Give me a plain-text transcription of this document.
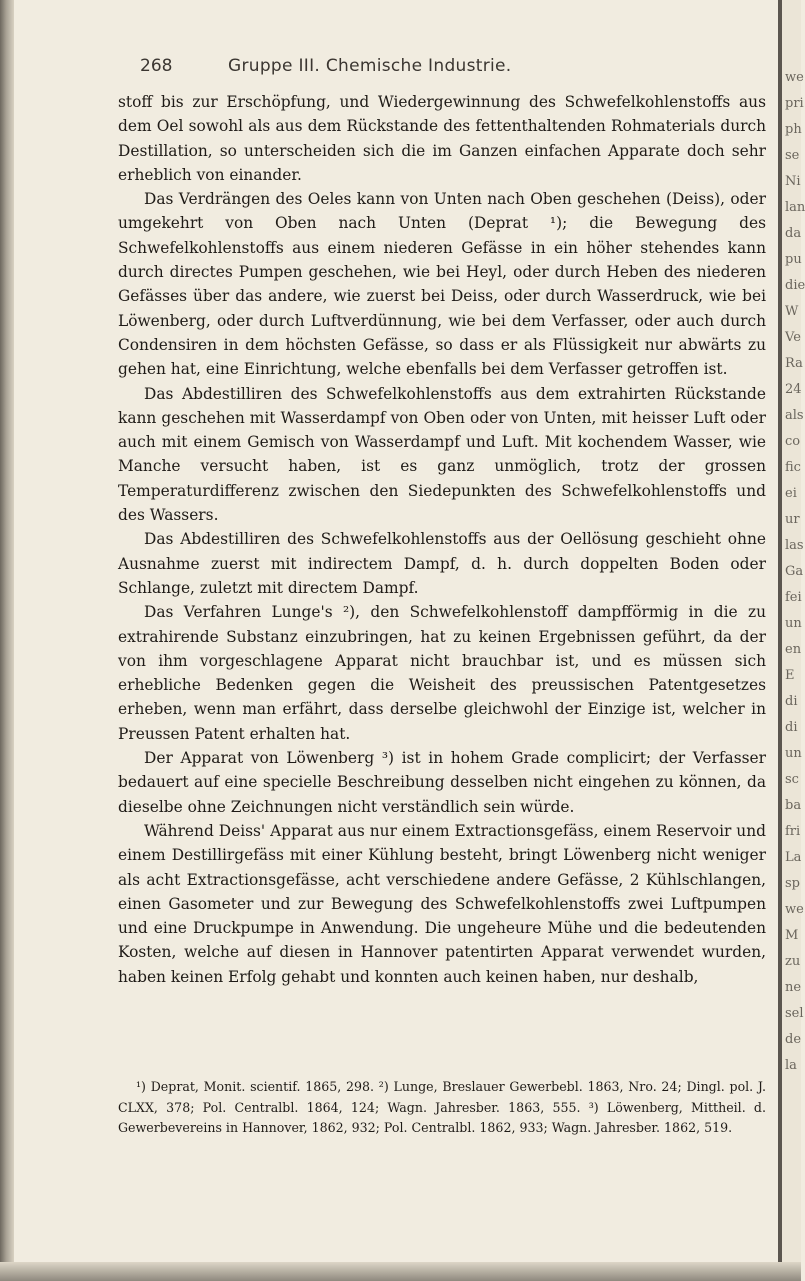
268	Gruppe III. Chemische Industrie.

stoff bis zur Erschöpfung, und Wiedergewinnung des Schwefelkohlenstoffs aus dem Oel sowohl als aus dem Rückstande des fettenthaltenden Rohmaterials durch Destillation, so unterscheiden sich die im Ganzen einfachen Apparate doch sehr erheblich von einander.

Das Verdrängen des Oeles kann von Unten nach Oben geschehen (Deiss), oder umgekehrt von Oben nach Unten (Deprat ¹); die Bewegung des Schwefelkohlenstoffs aus einem niederen Gefässe in ein höher stehendes kann durch directes Pumpen geschehen, wie bei Heyl, oder durch Heben des niederen Gefässes über das andere, wie zuerst bei Deiss, oder durch Wasserdruck, wie bei Löwenberg, oder durch Luftverdünnung, wie bei dem Verfasser, oder auch durch Condensiren in dem höchsten Gefässe, so dass er als Flüssigkeit nur abwärts zu gehen hat, eine Einrichtung, welche ebenfalls bei dem Verfasser getroffen ist.

Das Abdestilliren des Schwefelkohlenstoffs aus dem extrahirten Rückstande kann geschehen mit Wasserdampf von Oben oder von Unten, mit heisser Luft oder auch mit einem Gemisch von Wasserdampf und Luft. Mit kochendem Wasser, wie Manche versucht haben, ist es ganz unmöglich, trotz der grossen Temperaturdifferenz zwischen den Siedepunkten des Schwefelkohlenstoffs und des Wassers.

Das Abdestilliren des Schwefelkohlenstoffs aus der Oellösung geschieht ohne Ausnahme zuerst mit indirectem Dampf, d. h. durch doppelten Boden oder Schlange, zuletzt mit directem Dampf.

Das Verfahren Lunge's ²), den Schwefelkohlenstoff dampfförmig in die zu extrahirende Substanz einzubringen, hat zu keinen Ergebnissen geführt, da der von ihm vorgeschlagene Apparat nicht brauchbar ist, und es müssen sich erhebliche Bedenken gegen die Weisheit des preussischen Patentgesetzes erheben, wenn man erfährt, dass derselbe gleichwohl der Einzige ist, welcher in Preussen Patent erhalten hat.

Der Apparat von Löwenberg ³) ist in hohem Grade complicirt; der Verfasser bedauert auf eine specielle Beschreibung desselben nicht eingehen zu können, da dieselbe ohne Zeichnungen nicht verständlich sein würde.

Während Deiss' Apparat aus nur einem Extractionsgefäss, einem Reservoir und einem Destillirgefäss mit einer Kühlung besteht, bringt Löwenberg nicht weniger als acht Extractionsgefässe, acht verschiedene andere Gefässe, 2 Kühlschlangen, einen Gasometer und zur Bewegung des Schwefelkohlenstoffs zwei Luftpumpen und eine Druckpumpe in Anwendung. Die ungeheure Mühe und die bedeutenden Kosten, welche auf diesen in Hannover patentirten Apparat verwendet wurden, haben keinen Erfolg gehabt und konnten auch keinen haben, nur deshalb,

¹) Deprat, Monit. scientif. 1865, 298. ²) Lunge, Breslauer Gewerbebl. 1863, Nro. 24; Dingl. pol. J. CLXX, 378; Pol. Centralbl. 1864, 124; Wagn. Jahresber. 1863, 555. ³) Löwenberg, Mittheil. d. Gewerbevereins in Hannover, 1862, 932; Pol. Centralbl. 1862, 933; Wagn. Jahresber. 1862, 519.

we
pri
ph
se
Ni
lan
da
pu
die
W
Ve
Ra
24
als
co
fic
ei
ur
las
Ga
fei
un
en
E
di
di
un
sc
ba
fri
La
sp
we
M
zu
ne
sel
de
la
